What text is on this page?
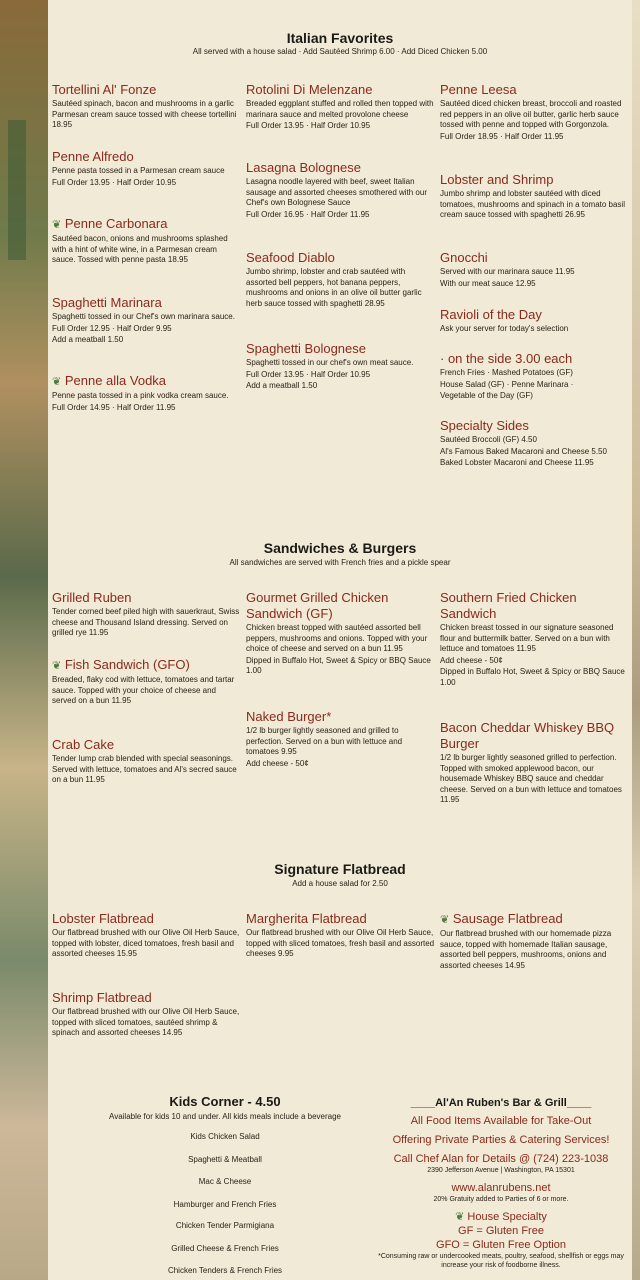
Italian Favorites
All served with a house salad · Add Sautéed Shrimp 6.00 · Add Diced Chicken 5.00
Tortellini Al' Fonze

Sautéed spinach, bacon and mushrooms in a garlic Parmesan cream sauce tossed with cheese tortellini 18.95

Penne Alfredo

Penne pasta tossed in a Parmesan cream sauce

Full Order 13.95 · Half Order 10.95

❦ Penne Carbonara

Sautéed bacon, onions and mushrooms splashed with a hint of white wine, in a Parmesan cream sauce. Tossed with penne pasta 18.95

Spaghetti Marinara

Spaghetti tossed in our Chef's own marinara sauce.

Full Order 12.95 · Half Order 9.95

Add a meatball 1.50

❦ Penne alla Vodka

Penne pasta tossed in a pink vodka cream sauce.

Full Order 14.95 · Half Order 11.95

Rotolini Di Melenzane

Breaded eggplant stuffed and rolled then topped with marinara sauce and melted provolone cheese

Full Order 13.95 · Half Order 10.95

Lasagna Bolognese

Lasagna noodle layered with beef, sweet Italian sausage and assorted cheeses smothered with our Chef's own Bolognese Sauce

Full Order 16.95 · Half Order 11.95

Seafood Diablo

Jumbo shrimp, lobster and crab sautéed with assorted bell peppers, hot banana peppers, mushrooms and onions in an olive oil butter garlic herb sauce tossed with spaghetti 28.95

Spaghetti Bolognese

Spaghetti tossed in our chef's own meat sauce.

Full Order 13.95 · Half Order 10.95

Add a meatball 1.50

Penne Leesa

Sautéed diced chicken breast, broccoli and roasted red peppers in an olive oil butter, garlic herb sauce tossed with penne and topped with Gorgonzola.

Full Order 18.95 · Half Order 11.95

Lobster and Shrimp

Jumbo shrimp and lobster sautéed with diced tomatoes, mushrooms and spinach in a tomato basil cream sauce tossed with spaghetti 26.95

Gnocchi

Served with our marinara sauce 11.95

With our meat sauce 12.95

Ravioli of the Day

Ask your server for today's selection

· on the side 3.00 each

French Fries · Mashed Potatoes (GF)

House Salad (GF) · Penne Marinara ·

Vegetable of the Day (GF)

Specialty Sides

Sautéed Broccoli (GF) 4.50

Al's Famous Baked Macaroni and Cheese 5.50

Baked Lobster Macaroni and Cheese 11.95

Sandwiches & Burgers
All sandwiches are served with French fries and a pickle spear
Grilled Ruben

Tender corned beef piled high with sauerkraut, Swiss cheese and Thousand Island dressing. Served on grilled rye 11.95

❦ Fish Sandwich (GFO)

Breaded, flaky cod with lettuce, tomatoes and tartar sauce. Topped with your choice of cheese and served on a bun 11.95

Crab Cake

Tender lump crab blended with special seasonings. Served with lettuce, tomatoes and Al's secred sauce on a bun 11.95

Gourmet Grilled Chicken Sandwich (GF)

Chicken breast topped with sautéed assorted bell peppers, mushrooms and onions. Topped with your choice of cheese and served on a bun 11.95

Dipped in Buffalo Hot, Sweet & Spicy or BBQ Sauce 1.00

Naked Burger*

1/2 lb burger lightly seasoned and grilled to perfection. Served on a bun with lettuce and tomatoes 9.95

Add cheese - 50¢

Southern Fried Chicken Sandwich

Chicken breast tossed in our signature seasoned flour and buttermilk batter. Served on a bun with lettuce and tomatoes 11.95

Add cheese - 50¢

Dipped in Buffalo Hot, Sweet & Spicy or BBQ Sauce 1.00

Bacon Cheddar Whiskey BBQ Burger

1/2 lb burger lightly seasoned grilled to perfection. Topped with smoked applewood bacon, our housemade Whiskey BBQ sauce and cheddar cheese. Served on a bun with lettuce and tomatoes 11.95

Signature Flatbread
Add a house salad for 2.50
Lobster Flatbread

Our flatbread brushed with our Olive Oil Herb Sauce, topped with lobster, diced tomatoes, fresh basil and assorted cheeses 15.95

Shrimp Flatbread

Our flatbread brushed with our Olive Oil Herb Sauce, topped with sliced tomatoes, sautéed shrimp & spinach and assorted cheeses 14.95

Margherita Flatbread

Our flatbread brushed with our Olive Oil Herb Sauce, topped with sliced tomatoes, fresh basil and assorted cheeses 9.95

❦ Sausage Flatbread

Our flatbread brushed with our homemade pizza sauce, topped with homemade Italian sausage, assorted bell peppers, mushrooms, onions and assorted cheeses 14.95

Kids Corner - 4.50
Available for kids 10 and under. All kids meals include a beverage
Kids Chicken Salad
Spaghetti & Meatball
Mac & Cheese
Hamburger and French Fries
Chicken Tender Parmigiana
Grilled Cheese & French Fries
Chicken Tenders & French Fries
____Al'An Ruben's Bar & Grill____
All Food Items Available for Take-Out
Offering Private Parties & Catering Services!
Call Chef Alan for Details @ (724) 223-1038
2390 Jefferson Avenue | Washington, PA 15301
www.alanrubens.net
20% Gratuity added to Parties of 6 or more.
❦ House Specialty
GF = Gluten Free
GFO = Gluten Free Option
*Consuming raw or undercooked meats, poultry, seafood, shellfish or eggs may increase your risk of foodborne illness.
